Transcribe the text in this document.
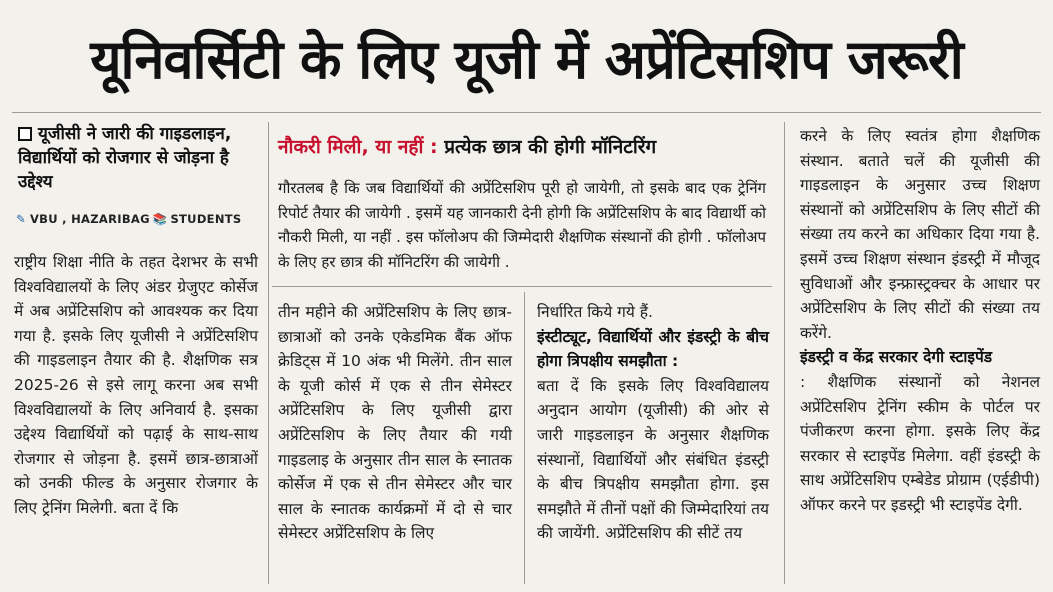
यूनिवर्सिटी के लिए यूजी में अप्रेंटिसशिप जरूरी
यूजीसी ने जारी की गाइडलाइन, विद्यार्थियों को रोजगार से जोड़ना है उद्देश्य
✎ VBU , HAZARIBAG 📚 STUDENTS

राष्ट्रीय शिक्षा नीति के तहत देशभर के सभी विश्वविद्यालयों के लिए अंडर ग्रेजुएट कोर्सेज में अब अप्रेंटिसशिप को आवश्यक कर दिया गया है. इसके लिए यूजीसी ने अप्रेंटिसशिप की गाइडलाइन तैयार की है. शैक्षणिक सत्र 2025-26 से इसे लागू करना अब सभी विश्वविद्यालयों के लिए अनिवार्य है. इसका उद्देश्य विद्यार्थियों को पढ़ाई के साथ-साथ रोजगार से जोड़ना है. इसमें छात्र-छात्राओं को उनकी फील्ड के अनुसार रोजगार के लिए ट्रेनिंग मिलेगी. बता दें कि

नौकरी मिली, या नहीं : प्रत्येक छात्र की होगी मॉनिटरिंग
गौरतलब है कि जब विद्यार्थियों की अप्रेंटिसशिप पूरी हो जायेगी, तो इसके बाद एक ट्रेनिंग रिपोर्ट तैयार की जायेगी . इसमें यह जानकारी देनी होगी कि अप्रेंटिसशिप के बाद विद्यार्थी को नौकरी मिली, या नहीं . इस फॉलोअप की जिम्मेदारी शैक्षणिक संस्थानों की होगी . फॉलोअप के लिए हर छात्र की मॉनिटरिंग की जायेगी .

तीन महीने की अप्रेंटिसशिप के लिए छात्र-छात्राओं को उनके एकेडमिक बैंक ऑफ क्रेडिट्स में 10 अंक भी मिलेंगे. तीन साल के यूजी कोर्स में एक से तीन सेमेस्टर अप्रेंटिसशिप के लिए यूजीसी द्वारा अप्रेंटिसशिप के लिए तैयार की गयी गाइडलाइ के अनुसार तीन साल के स्नातक कोर्सेज में एक से तीन सेमेस्टर और चार साल के स्नातक कार्यक्रमों में दो से चार सेमेस्टर अप्रेंटिसशिप के लिए

निर्धारित किये गये हैं.

इंस्टीट्यूट, विद्यार्थियों और इंडस्ट्री के बीच होगा त्रिपक्षीय समझौता :

बता दें कि इसके लिए विश्वविद्यालय अनुदान आयोग (यूजीसी) की ओर से जारी गाइडलाइन के अनुसार शैक्षणिक संस्थानों, विद्यार्थियों और संबंधित इंडस्ट्री के बीच त्रिपक्षीय समझौता होगा. इस समझौते में तीनों पक्षों की जिम्मेदारियां तय की जायेंगी. अप्रेंटिसशिप की सीटें तय

करने के लिए स्वतंत्र होगा शैक्षणिक संस्थान. बताते चलें की यूजीसी की गाइडलाइन के अनुसार उच्च शिक्षण संस्थानों को अप्रेंटिसशिप के लिए सीटों की संख्या तय करने का अधिकार दिया गया है. इसमें उच्च शिक्षण संस्थान इंडस्ट्री में मौजूद सुविधाओं और इन्फ्रास्ट्रक्चर के आधार पर अप्रेंटिसशिप के लिए सीटों की संख्या तय करेंगे.

इंडस्ट्री व केंद्र सरकार देगी स्टाइपेंड

: शैक्षणिक संस्थानों को नेशनल अप्रेंटिसशिप ट्रेनिंग स्कीम के पोर्टल पर पंजीकरण करना होगा. इसके लिए केंद्र सरकार से स्टाइपेंड मिलेगा. वहीं इंडस्ट्री के साथ अप्रेंटिसशिप एम्बेडेड प्रोग्राम (एईडीपी) ऑफर करने पर इडस्ट्री भी स्टाइपेंड देगी.
